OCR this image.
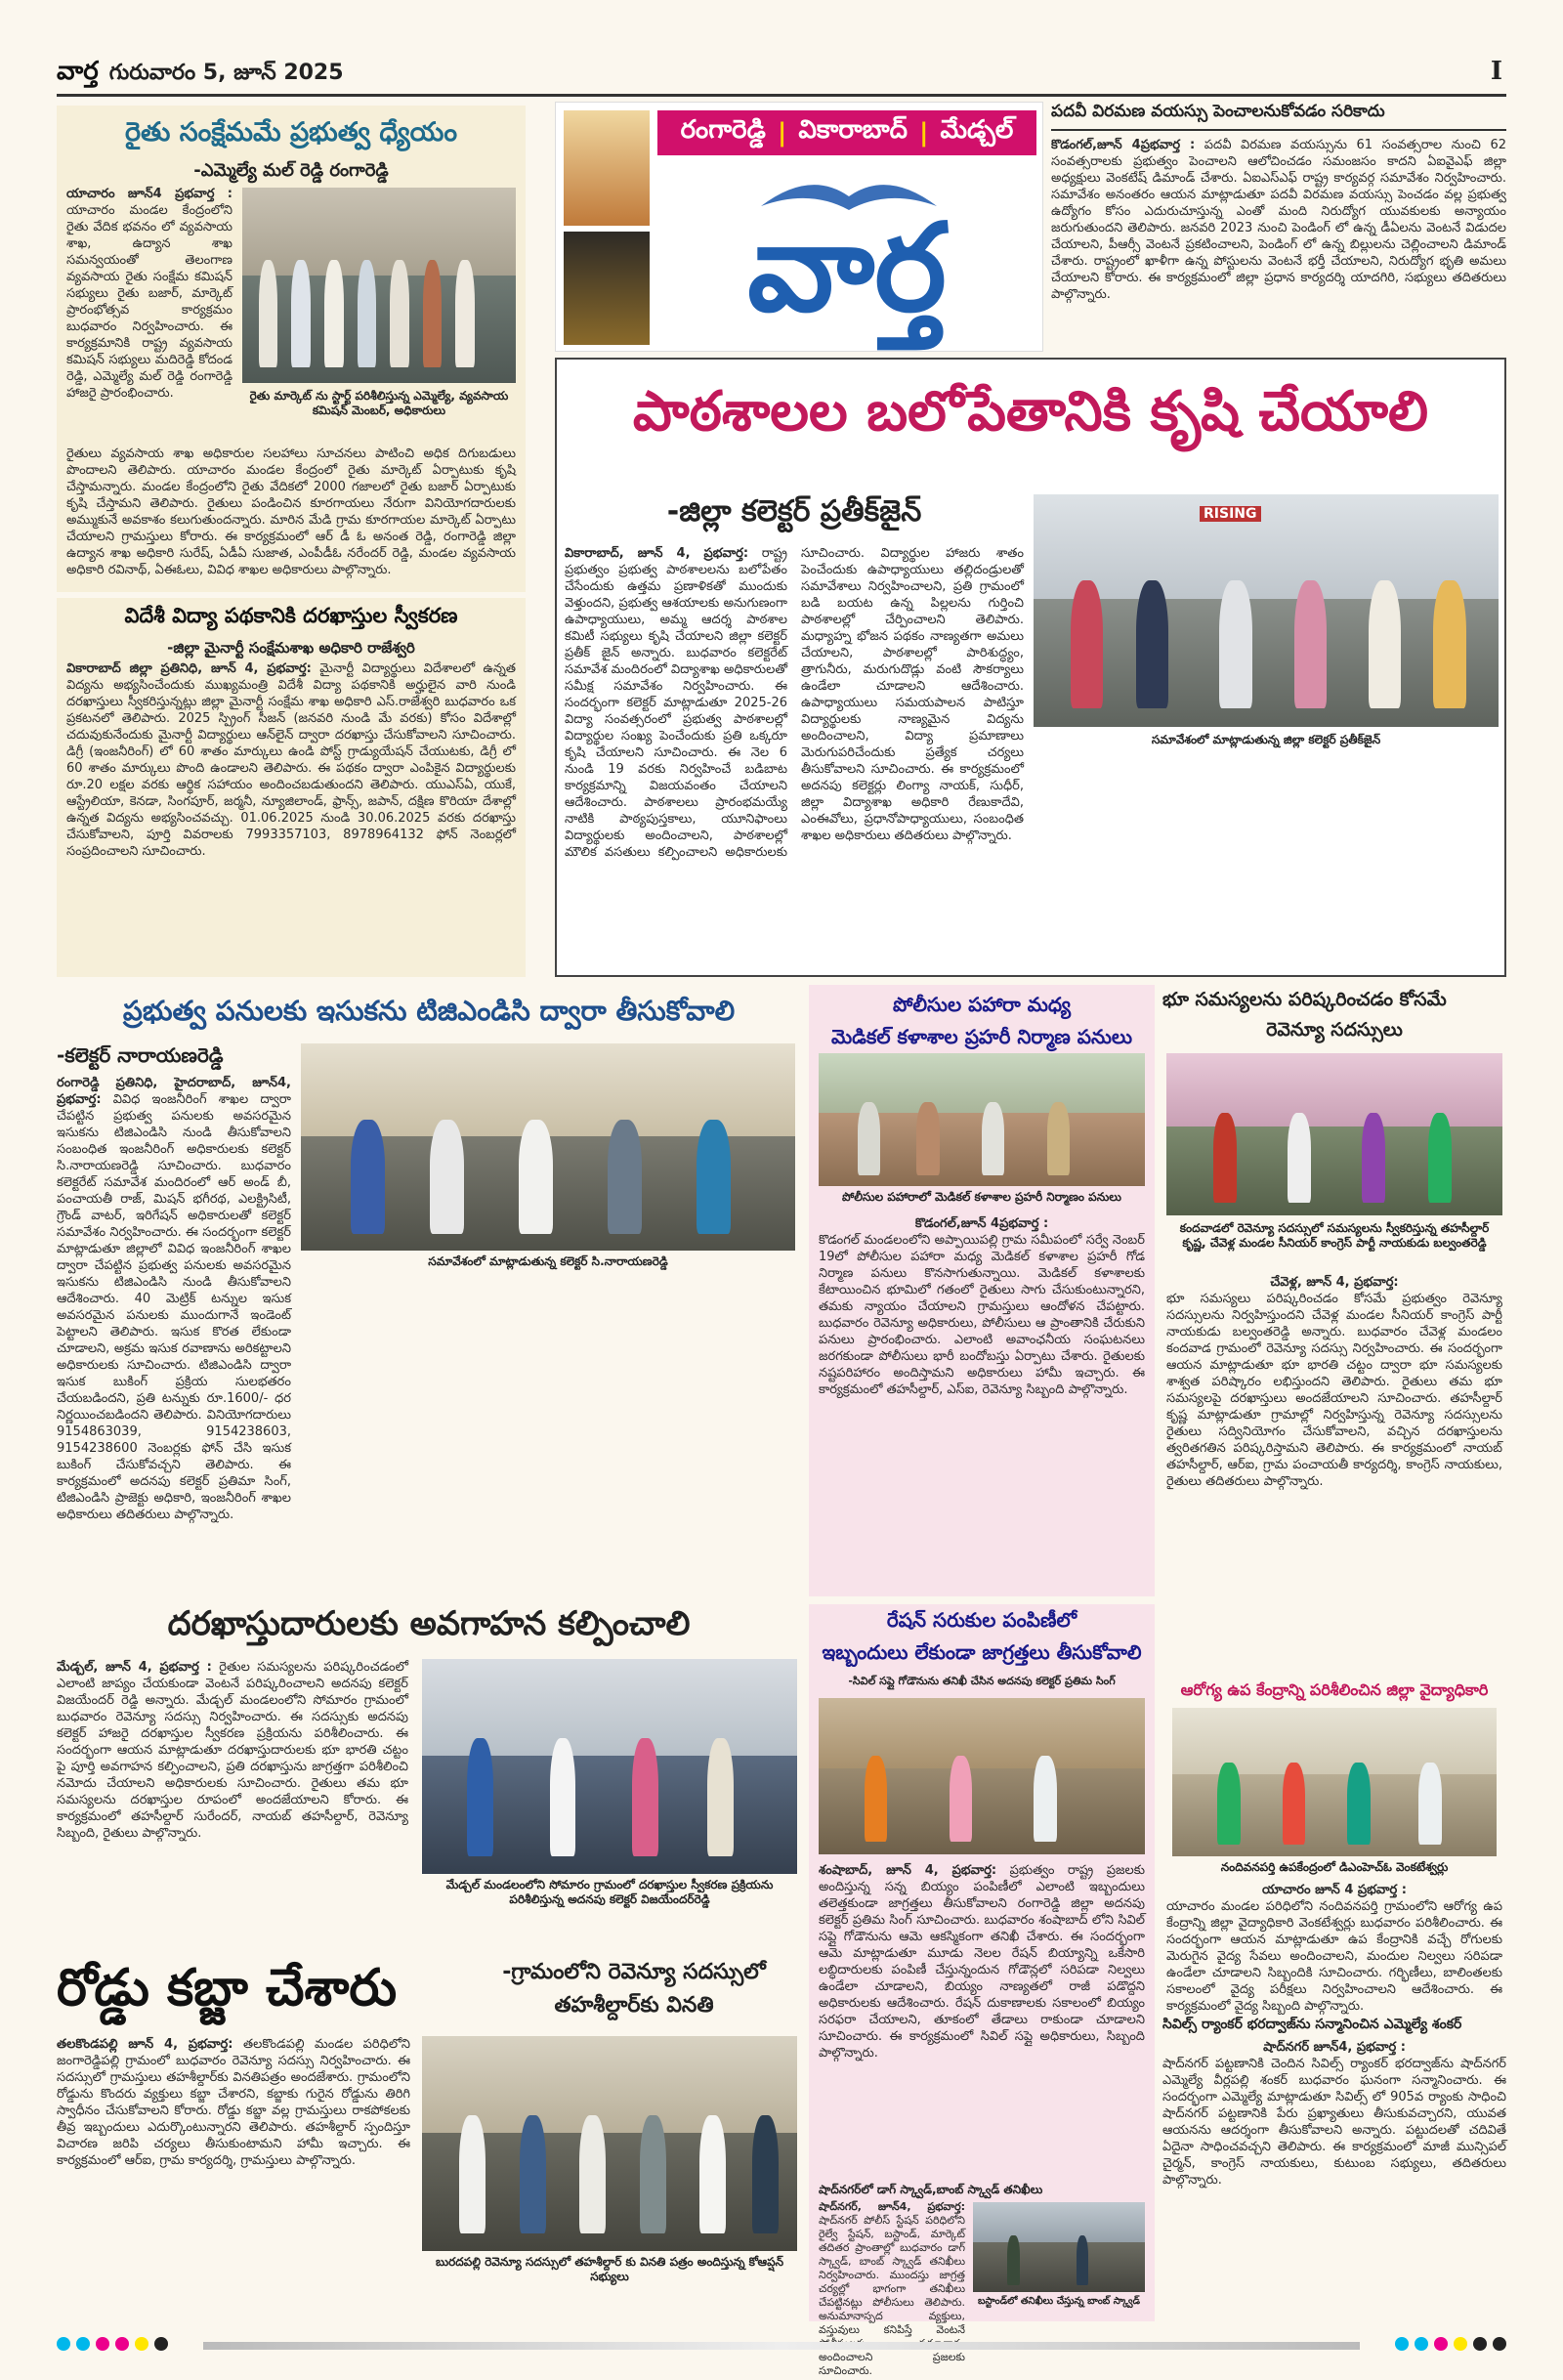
వార్త గురువారం 5, జూన్ 2025	I
రైతు సంక్షేమమే ప్రభుత్వ ధ్యేయం
-ఎమ్మెల్యే మల్ రెడ్డి రంగారెడ్డి
యాచారం జూన్4 ప్రభవార్త : యాచారం మండల కేంద్రంలోని రైతు వేదిక భవనం లో వ్యవసాయ శాఖ, ఉద్యాన శాఖ సమన్వయంతో తెలంగాణ వ్యవసాయ రైతు సంక్షేమ కమిషన్ సభ్యులు రైతు బజార్, మార్కెట్ ప్రారంభోత్సవ కార్యక్రమం బుధవారం నిర్వహించారు. ఈ కార్యక్రమానికి రాష్ట్ర వ్యవసాయ కమిషన్ సభ్యులు మదిరెడ్డి కోదండ రెడ్డి, ఎమ్మెల్యే మల్ రెడ్డి రంగారెడ్డి హాజరై ప్రారంభించారు.	రైతు మార్కెట్ ను స్టార్ట్ పరిశీలిస్తున్న ఎమ్మెల్యే, వ్యవసాయ కమిషన్ మెంబర్, అధికారులు
రైతులు వ్యవసాయ శాఖ అధికారుల సలహాలు సూచనలు పాటించి అధిక దిగుబడులు పొందాలని తెలిపారు. యాచారం మండల కేంద్రంలో రైతు మార్కెట్ ఏర్పాటుకు కృషి చేస్తామన్నారు. మండల కేంద్రంలోని రైతు వేదికలో 2000 గజాలలో రైతు బజార్ ఏర్పాటుకు కృషి చేస్తామని తెలిపారు. రైతులు పండించిన కూరగాయలు నేరుగా వినియోగదారులకు అమ్ముకునే అవకాశం కలుగుతుందన్నారు. మారిన మేడి గ్రామ కూరగాయల మార్కెట్ ఏర్పాటు చేయాలని గ్రామస్తులు కోరారు. ఈ కార్యక్రమంలో ఆర్ డీ ఓ అనంత రెడ్డి, రంగారెడ్డి జిల్లా ఉద్యాన శాఖ అధికారి సురేష్, ఏడీఏ సుజాత, ఎంపీడీఓ నరేందర్ రెడ్డి, మండల వ్యవసాయ అధికారి రవినాథ్, ఏఈఓలు, వివిధ శాఖల అధికారులు పాల్గొన్నారు.
విదేశీ విద్యా పథకానికి దరఖాస్తుల స్వీకరణ
-జిల్లా మైనార్టీ సంక్షేమశాఖ అధికారి రాజేశ్వరి
వికారాబాద్ జిల్లా ప్రతినిధి, జూన్ 4, ప్రభవార్త: మైనార్టీ విద్యార్థులు విదేశాలలో ఉన్నత విద్యను అభ్యసించేందుకు ముఖ్యమంత్రి విదేశీ విద్యా పథకానికి అర్హులైన వారి నుండి దరఖాస్తులు స్వీకరిస్తున్నట్లు జిల్లా మైనార్టీ సంక్షేమ శాఖ అధికారి ఎస్.రాజేశ్వరి బుధవారం ఒక ప్రకటనలో తెలిపారు. 2025 స్ప్రింగ్ సీజన్ (జనవరి నుండి మే వరకు) కోసం విదేశాల్లో చదువుకునేందుకు మైనార్టీ విద్యార్థులు ఆన్‌లైన్ ద్వారా దరఖాస్తు చేసుకోవాలని సూచించారు. డిగ్రీ (ఇంజనీరింగ్) లో 60 శాతం మార్కులు ఉండి పోస్ట్ గ్రాడ్యుయేషన్ చేయుటకు, డిగ్రీ లో 60 శాతం మార్కులు పొంది ఉండాలని తెలిపారు. ఈ పథకం ద్వారా ఎంపికైన విద్యార్థులకు రూ.20 లక్షల వరకు ఆర్థిక సహాయం అందించబడుతుందని తెలిపారు. యుఎస్ఏ, యుకే, ఆస్ట్రేలియా, కెనడా, సింగపూర్, జర్మనీ, న్యూజిలాండ్, ఫ్రాన్స్, జపాన్, దక్షిణ కొరియా దేశాల్లో ఉన్నత విద్యను అభ్యసించవచ్చు. 01.06.2025 నుండి 30.06.2025 వరకు దరఖాస్తు చేసుకోవాలని, పూర్తి వివరాలకు 7993357103, 8978964132 ఫోన్ నెంబర్లలో సంప్రదించాలని సూచించారు.
రంగారెడ్డి | వికారాబాద్ | మేడ్చల్
వార్త
పదవీ విరమణ వయస్సు పెంచాలనుకోవడం సరికాదు
కొడంగల్,జూన్ 4ప్రభవార్త : పదవీ విరమణ వయస్సును 61 సంవత్సరాల నుంచి 62 సంవత్సరాలకు ప్రభుత్వం పెంచాలని ఆలోచించడం సమంజసం కాదని ఏఐవైఎఫ్ జిల్లా అధ్యక్షులు వెంకటేష్ డిమాండ్ చేశారు. ఏఐఎస్ఎఫ్ రాష్ట్ర కార్యవర్గ సమావేశం నిర్వహించారు. సమావేశం అనంతరం ఆయన మాట్లాడుతూ పదవీ విరమణ వయస్సు పెంచడం వల్ల ప్రభుత్వ ఉద్యోగం కోసం ఎదురుచూస్తున్న ఎంతో మంది నిరుద్యోగ యువకులకు అన్యాయం జరుగుతుందని తెలిపారు. జనవరి 2023 నుంచి పెండింగ్ లో ఉన్న డీఏలను వెంటనే విడుదల చేయాలని, పీఆర్సీ వెంటనే ప్రకటించాలని, పెండింగ్ లో ఉన్న బిల్లులను చెల్లించాలని డిమాండ్ చేశారు. రాష్ట్రంలో ఖాళీగా ఉన్న పోస్టులను వెంటనే భర్తీ చేయాలని, నిరుద్యోగ భృతి అమలు చేయాలని కోరారు. ఈ కార్యక్రమంలో జిల్లా ప్రధాన కార్యదర్శి యాదగిరి, సభ్యులు తదితరులు పాల్గొన్నారు.
పాఠశాలల బలోపేతానికి కృషి చేయాలి
-జిల్లా కలెక్టర్ ప్రతీక్‌జైన్	RISING
సమావేశంలో మాట్లాడుతున్న జిల్లా కలెక్టర్ ప్రతీక్‌జైన్
వికారాబాద్, జూన్ 4, ప్రభవార్త: రాష్ట్ర ప్రభుత్వం ప్రభుత్వ పాఠశాలలను బలోపేతం చేసేందుకు ఉత్తమ ప్రణాళికతో ముందుకు వెళ్తుందని, ప్రభుత్వ ఆశయాలకు అనుగుణంగా ఉపాధ్యాయులు, అమ్మ ఆదర్శ పాఠశాల కమిటీ సభ్యులు కృషి చేయాలని జిల్లా కలెక్టర్ ప్రతీక్ జైన్ అన్నారు. బుధవారం కలెక్టరేట్ సమావేశ మందిరంలో విద్యాశాఖ అధికారులతో సమీక్ష సమావేశం నిర్వహించారు. ఈ సందర్భంగా కలెక్టర్ మాట్లాడుతూ 2025-26 విద్యా సంవత్సరంలో ప్రభుత్వ పాఠశాలల్లో విద్యార్థుల సంఖ్య పెంచేందుకు ప్రతి ఒక్కరూ కృషి చేయాలని సూచించారు. ఈ నెల 6 నుండి 19 వరకు నిర్వహించే బడిబాట కార్యక్రమాన్ని విజయవంతం చేయాలని ఆదేశించారు. పాఠశాలలు ప్రారంభమయ్యే నాటికి పాఠ్యపుస్తకాలు, యూనిఫాంలు విద్యార్థులకు అందించాలని, పాఠశాలల్లో మౌలిక వసతులు కల్పించాలని అధికారులకు సూచించారు. విద్యార్థుల హాజరు శాతం పెంచేందుకు ఉపాధ్యాయులు తల్లిదండ్రులతో సమావేశాలు నిర్వహించాలని, ప్రతి గ్రామంలో బడి బయట ఉన్న పిల్లలను గుర్తించి పాఠశాలల్లో చేర్పించాలని తెలిపారు. మధ్యాహ్న భోజన పథకం నాణ్యతగా అమలు చేయాలని, పాఠశాలల్లో పారిశుద్ధ్యం, త్రాగునీరు, మరుగుదొడ్లు వంటి సౌకర్యాలు ఉండేలా చూడాలని ఆదేశించారు. ఉపాధ్యాయులు సమయపాలన పాటిస్తూ విద్యార్థులకు నాణ్యమైన విద్యను అందించాలని, విద్యా ప్రమాణాలు మెరుగుపరిచేందుకు ప్రత్యేక చర్యలు తీసుకోవాలని సూచించారు. ఈ కార్యక్రమంలో అదనపు కలెక్టర్లు లింగ్యా నాయక్, సుధీర్, జిల్లా విద్యాశాఖ అధికారి రేణుకాదేవి, ఎంఈవోలు, ప్రధానోపాధ్యాయులు, సంబంధిత శాఖల అధికారులు తదితరులు పాల్గొన్నారు.
ప్రభుత్వ పనులకు ఇసుకను టిజిఎండిసి ద్వారా తీసుకోవాలి
-కలెక్టర్ నారాయణరెడ్డి
సమావేశంలో మాట్లాడుతున్న కలెక్టర్ సి.నారాయణరెడ్డి
రంగారెడ్డి ప్రతినిధి, హైదరాబాద్, జూన్4, ప్రభవార్త: వివిధ ఇంజనీరింగ్ శాఖల ద్వారా చేపట్టిన ప్రభుత్వ పనులకు అవసరమైన ఇసుకను టిజిఎండిసి నుండి తీసుకోవాలని సంబంధిత ఇంజనీరింగ్ అధికారులకు కలెక్టర్ సి.నారాయణరెడ్డి సూచించారు. బుధవారం కలెక్టరేట్ సమావేశ మందిరంలో ఆర్ అండ్ బీ, పంచాయతీ రాజ్, మిషన్ భగీరథ, ఎలక్ట్రిసిటీ, గ్రౌండ్ వాటర్, ఇరిగేషన్ అధికారులతో కలెక్టర్ సమావేశం నిర్వహించారు. ఈ సందర్భంగా కలెక్టర్ మాట్లాడుతూ జిల్లాలో వివిధ ఇంజనీరింగ్ శాఖల ద్వారా చేపట్టిన ప్రభుత్వ పనులకు అవసరమైన ఇసుకను టిజిఎండిసి నుండి తీసుకోవాలని ఆదేశించారు. 40 మెట్రిక్ టన్నుల ఇసుక అవసరమైన పనులకు ముందుగానే ఇండెంట్ పెట్టాలని తెలిపారు. ఇసుక కొరత లేకుండా చూడాలని, అక్రమ ఇసుక రవాణాను అరికట్టాలని అధికారులకు సూచించారు. టిజిఎండిసి ద్వారా ఇసుక బుకింగ్ ప్రక్రియ సులభతరం చేయబడిందని, ప్రతి టన్నుకు రూ.1600/- ధర నిర్ణయించబడిందని తెలిపారు. వినియోగదారులు 9154863039, 9154238603, 9154238600 నెంబర్లకు ఫోన్ చేసి ఇసుక బుకింగ్ చేసుకోవచ్చని తెలిపారు. ఈ కార్యక్రమంలో అదనపు కలెక్టర్ ప్రతిమా సింగ్, టిజిఎండిసి ప్రాజెక్టు అధికారి, ఇంజనీరింగ్ శాఖల అధికారులు తదితరులు పాల్గొన్నారు.
పోలీసుల పహారా మధ్య
మెడికల్ కళాశాల ప్రహరీ నిర్మాణ పనులు
పోలీసుల పహారాలో మెడికల్ కళాశాల ప్రహరీ నిర్మాణం పనులు
కొడంగల్,జూన్ 4ప్రభవార్త :
కొడంగల్ మండలంలోని అప్పాయిపల్లి గ్రామ సమీపంలో సర్వే నెంబర్ 19లో పోలీసుల పహారా మధ్య మెడికల్ కళాశాల ప్రహరీ గోడ నిర్మాణ పనులు కొనసాగుతున్నాయి. మెడికల్ కళాశాలకు కేటాయించిన భూమిలో గతంలో రైతులు సాగు చేసుకుంటున్నారని, తమకు న్యాయం చేయాలని గ్రామస్తులు ఆందోళన చేపట్టారు. బుధవారం రెవెన్యూ అధికారులు, పోలీసులు ఆ ప్రాంతానికి చేరుకుని పనులు ప్రారంభించారు. ఎలాంటి అవాంఛనీయ సంఘటనలు జరగకుండా పోలీసులు భారీ బందోబస్తు ఏర్పాటు చేశారు. రైతులకు నష్టపరిహారం అందిస్తామని అధికారులు హామీ ఇచ్చారు. ఈ కార్యక్రమంలో తహసీల్దార్, ఎస్ఐ, రెవెన్యూ సిబ్బంది పాల్గొన్నారు.
భూ సమస్యలను పరిష్కరించడం కోసమే
రెవెన్యూ సదస్సులు
కందవాడలో రెవెన్యూ సదస్సులో సమస్యలను స్వీకరిస్తున్న తహసీల్దార్ కృష్ణ, చేవెళ్ల మండల సీనియర్ కాంగ్రెస్ పార్టీ నాయకుడు బల్వంతరెడ్డి
చేవెళ్ల, జూన్ 4, ప్రభవార్త:
భూ సమస్యలు పరిష్కరించడం కోసమే ప్రభుత్వం రెవెన్యూ సదస్సులను నిర్వహిస్తుందని చేవెళ్ల మండల సీనియర్ కాంగ్రెస్ పార్టీ నాయకుడు బల్వంతరెడ్డి అన్నారు. బుధవారం చేవెళ్ల మండలం కందవాడ గ్రామంలో రెవెన్యూ సదస్సు నిర్వహించారు. ఈ సందర్భంగా ఆయన మాట్లాడుతూ భూ భారతి చట్టం ద్వారా భూ సమస్యలకు శాశ్వత పరిష్కారం లభిస్తుందని తెలిపారు. రైతులు తమ భూ సమస్యలపై దరఖాస్తులు అందజేయాలని సూచించారు. తహసీల్దార్ కృష్ణ మాట్లాడుతూ గ్రామాల్లో నిర్వహిస్తున్న రెవెన్యూ సదస్సులను రైతులు సద్వినియోగం చేసుకోవాలని, వచ్చిన దరఖాస్తులను త్వరితగతిన పరిష్కరిస్తామని తెలిపారు. ఈ కార్యక్రమంలో నాయబ్ తహసీల్దార్, ఆర్ఐ, గ్రామ పంచాయతీ కార్యదర్శి, కాంగ్రెస్ నాయకులు, రైతులు తదితరులు పాల్గొన్నారు.
దరఖాస్తుదారులకు అవగాహన కల్పించాలి
మేడ్చల్, జూన్ 4, ప్రభవార్త : రైతుల సమస్యలను పరిష్కరించడంలో ఎలాంటి జాప్యం చేయకుండా వెంటనే పరిష్కరించాలని అదనపు కలెక్టర్ విజయేందర్ రెడ్డి అన్నారు. మేడ్చల్ మండలంలోని సోమారం గ్రామంలో బుధవారం రెవెన్యూ సదస్సు నిర్వహించారు. ఈ సదస్సుకు అదనపు కలెక్టర్ హాజరై దరఖాస్తుల స్వీకరణ ప్రక్రియను పరిశీలించారు. ఈ సందర్భంగా ఆయన మాట్లాడుతూ దరఖాస్తుదారులకు భూ భారతి చట్టం పై పూర్తి అవగాహన కల్పించాలని, ప్రతి దరఖాస్తును జాగ్రత్తగా పరిశీలించి నమోదు చేయాలని అధికారులకు సూచించారు. రైతులు తమ భూ సమస్యలను దరఖాస్తుల రూపంలో అందజేయాలని కోరారు. ఈ కార్యక్రమంలో తహసీల్దార్ సురేందర్, నాయబ్ తహసీల్దార్, రెవెన్యూ సిబ్బంది, రైతులు పాల్గొన్నారు.
మేడ్చల్ మండలంలోని సోమారం గ్రామంలో దరఖాస్తుల స్వీకరణ ప్రక్రియను పరిశీలిస్తున్న అదనపు కలెక్టర్ విజయేందర్‌రెడ్డి
రేషన్ సరుకుల పంపిణీలో
ఇబ్బందులు లేకుండా జాగ్రత్తలు తీసుకోవాలి
-సివిల్ సప్లై గోడౌనును తనిఖీ చేసిన అదనపు కలెక్టర్ ప్రతిమ సింగ్
శంషాబాద్, జూన్ 4, ప్రభవార్త: ప్రభుత్వం రాష్ట్ర ప్రజలకు అందిస్తున్న సన్న బియ్యం పంపిణీలో ఎలాంటి ఇబ్బందులు తలెత్తకుండా జాగ్రత్తలు తీసుకోవాలని రంగారెడ్డి జిల్లా అదనపు కలెక్టర్ ప్రతిమ సింగ్ సూచించారు. బుధవారం శంషాబాద్ లోని సివిల్ సప్లై గోడౌనును ఆమె ఆకస్మికంగా తనిఖీ చేశారు. ఈ సందర్భంగా ఆమె మాట్లాడుతూ మూడు నెలల రేషన్ బియ్యాన్ని ఒకేసారి లబ్ధిదారులకు పంపిణీ చేస్తున్నందున గోడౌన్లలో సరిపడా నిల్వలు ఉండేలా చూడాలని, బియ్యం నాణ్యతలో రాజీ పడొద్దని అధికారులకు ఆదేశించారు. రేషన్ దుకాణాలకు సకాలంలో బియ్యం సరఫరా చేయాలని, తూకంలో తేడాలు రాకుండా చూడాలని సూచించారు. ఈ కార్యక్రమంలో సివిల్ సప్లై అధికారులు, సిబ్బంది పాల్గొన్నారు.
షాద్‌నగర్‌లో డాగ్ స్క్వాడ్,బాంబ్ స్క్వాడ్ తనిఖీలు
షాద్‌నగర్, జూన్4, ప్రభవార్త: షాద్‌నగర్ పోలీస్ స్టేషన్ పరిధిలోని రైల్వే స్టేషన్, బస్టాండ్, మార్కెట్ తదితర ప్రాంతాల్లో బుధవారం డాగ్ స్క్వాడ్, బాంబ్ స్క్వాడ్ తనిఖీలు నిర్వహించారు. ముందస్తు జాగ్రత్త చర్యల్లో భాగంగా తనిఖీలు చేపట్టినట్లు పోలీసులు తెలిపారు. అనుమానాస్పద వ్యక్తులు, వస్తువులు కనిపిస్తే వెంటనే అందించాలని ప్రజలకు సూచించారు.
బస్టాండ్‌లో తనిఖీలు చేస్తున్న బాంబ్ స్క్వాడ్
ఆరోగ్య ఉప కేంద్రాన్ని పరిశీలించిన జిల్లా వైద్యాధికారి
నందివనపర్తి ఉపకేంద్రంలో డిఎంహెచ్ఓ వెంకటేశ్వర్లు
యాచారం జూన్ 4 ప్రభవార్త :
యాచారం మండల పరిధిలోని నందివనపర్తి గ్రామంలోని ఆరోగ్య ఉప కేంద్రాన్ని జిల్లా వైద్యాధికారి వెంకటేశ్వర్లు బుధవారం పరిశీలించారు. ఈ సందర్భంగా ఆయన మాట్లాడుతూ ఉప కేంద్రానికి వచ్చే రోగులకు మెరుగైన వైద్య సేవలు అందించాలని, మందుల నిల్వలు సరిపడా ఉండేలా చూడాలని సిబ్బందికి సూచించారు. గర్భిణీలు, బాలింతలకు సకాలంలో వైద్య పరీక్షలు నిర్వహించాలని ఆదేశించారు. ఈ కార్యక్రమంలో వైద్య సిబ్బంది పాల్గొన్నారు.
సివిల్స్ ర్యాంకర్ భరద్వాజ్‌ను సన్మానించిన ఎమ్మెల్యే శంకర్
షాద్‌నగర్ జూన్4, ప్రభవార్త :
షాద్‌నగర్ పట్టణానికి చెందిన సివిల్స్ ర్యాంకర్ భరద్వాజ్‌ను షాద్‌నగర్ ఎమ్మెల్యే వీర్లపల్లి శంకర్ బుధవారం ఘనంగా సన్మానించారు. ఈ సందర్భంగా ఎమ్మెల్యే మాట్లాడుతూ సివిల్స్ లో 905వ ర్యాంకు సాధించి షాద్‌నగర్ పట్టణానికి పేరు ప్రఖ్యాతులు తీసుకువచ్చారని, యువత ఆయనను ఆదర్శంగా తీసుకోవాలని అన్నారు. పట్టుదలతో చదివితే ఏదైనా సాధించవచ్చని తెలిపారు. ఈ కార్యక్రమంలో మాజీ మున్సిపల్ చైర్మన్, కాంగ్రెస్ నాయకులు, కుటుంబ సభ్యులు, తదితరులు పాల్గొన్నారు.
రోడ్డు కబ్జా చేశారు	-గ్రామంలోని రెవెన్యూ సదస్సులో
తహశీల్దార్‌కు వినతి
తలకొండపల్లి జూన్ 4, ప్రభవార్త: తలకొండపల్లి మండల పరిధిలోని జంగారెడ్డిపల్లి గ్రామంలో బుధవారం రెవెన్యూ సదస్సు నిర్వహించారు. ఈ సదస్సులో గ్రామస్తులు తహశీల్దార్‌కు వినతిపత్రం అందజేశారు. గ్రామంలోని రోడ్డును కొందరు వ్యక్తులు కబ్జా చేశారని, కబ్జాకు గురైన రోడ్డును తిరిగి స్వాధీనం చేసుకోవాలని కోరారు. రోడ్డు కబ్జా వల్ల గ్రామస్తులు రాకపోకలకు తీవ్ర ఇబ్బందులు ఎదుర్కొంటున్నారని తెలిపారు. తహశీల్దార్ స్పందిస్తూ విచారణ జరిపి చర్యలు తీసుకుంటామని హామీ ఇచ్చారు. ఈ కార్యక్రమంలో ఆర్ఐ, గ్రామ కార్యదర్శి, గ్రామస్తులు పాల్గొన్నారు.
బురదపల్లి రెవెన్యూ సదస్సులో తహశీల్దార్ కు వినతి పత్రం అందిస్తున్న కోఆప్షన్ సభ్యులు
